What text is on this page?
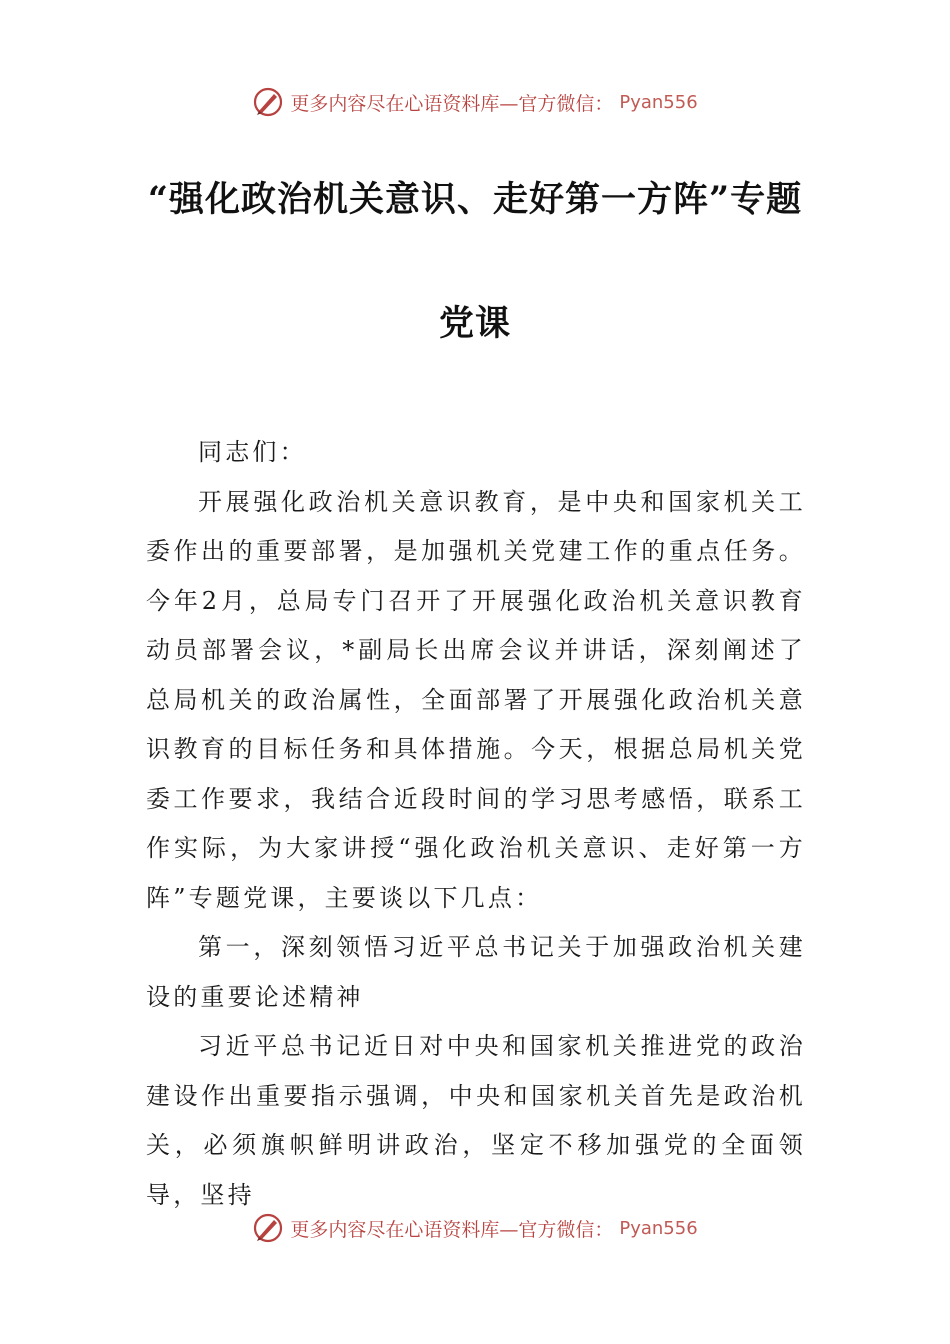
更多内容尽在心语资料库—官方微信： Pyan556
“强化政治机关意识、走好第一方阵”专题
党课

同志们：

开展强化政治机关意识教育，是中央和国家机关工委作出的重要部署，是加强机关党建工作的重点任务。今年2月，总局专门召开了开展强化政治机关意识教育动员部署会议，*副局长出席会议并讲话，深刻阐述了总局机关的政治属性，全面部署了开展强化政治机关意识教育的目标任务和具体措施。今天，根据总局机关党委工作要求，我结合近段时间的学习思考感悟，联系工作实际，为大家讲授“强化政治机关意识、走好第一方阵”专题党课，主要谈以下几点：

第一，深刻领悟习近平总书记关于加强政治机关建设的重要论述精神

习近平总书记近日对中央和国家机关推进党的政治建设作出重要指示强调，中央和国家机关首先是政治机关，必须旗帜鲜明讲政治，坚定不移加强党的全面领导，坚持

更多内容尽在心语资料库—官方微信： Pyan556
